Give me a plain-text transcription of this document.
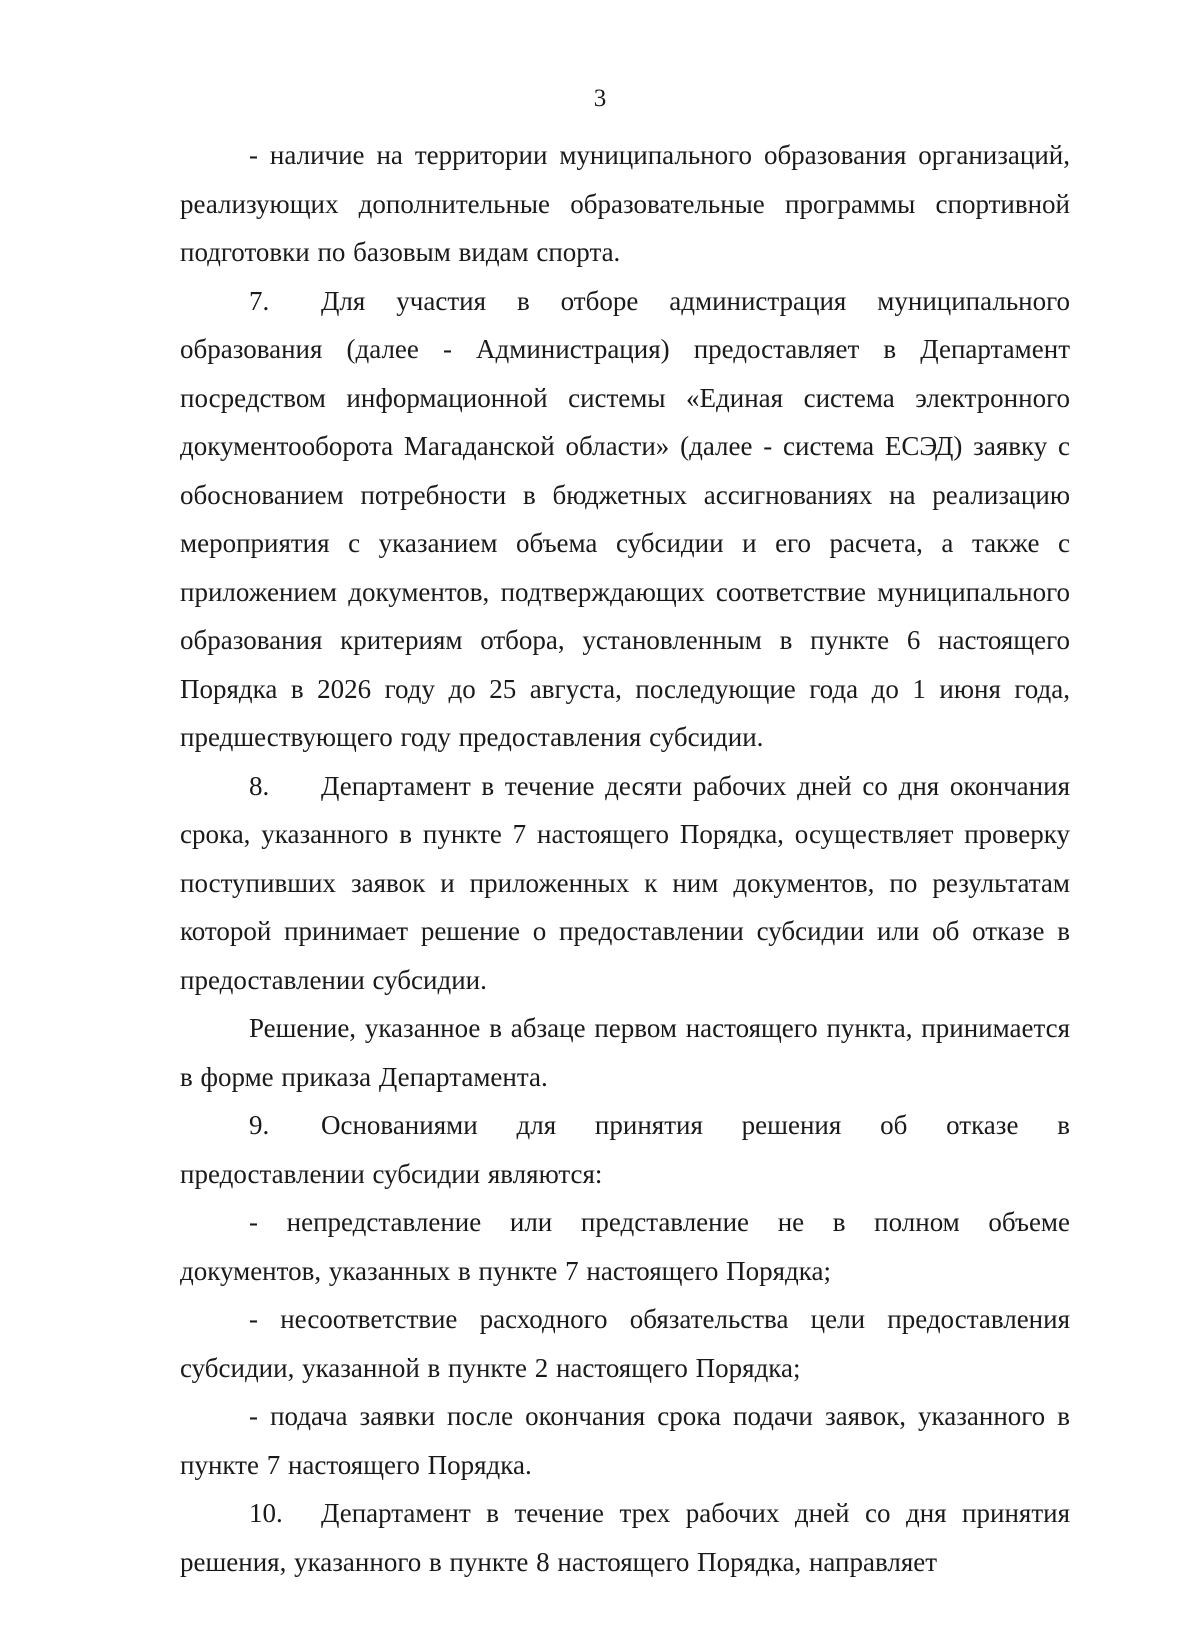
3

- наличие на территории муниципального образования организаций, реализующих дополнительные образовательные программы спортивной подготовки по базовым видам спорта.

7. Для участия в отборе администрация муниципального образования (далее - Администрация) предоставляет в Департамент посредством информационной системы «Единая система электронного документооборота Магаданской области» (далее - система ЕСЭД) заявку с обоснованием потребности в бюджетных ассигнованиях на реализацию мероприятия с указанием объема субсидии и его расчета, а также с приложением документов, подтверждающих соответствие муниципального образования критериям отбора, установленным в пункте 6 настоящего Порядка в 2026 году до 25 августа, последующие года до 1 июня года, предшествующего году предоставления субсидии.

8. Департамент в течение десяти рабочих дней со дня окончания срока, указанного в пункте 7 настоящего Порядка, осуществляет проверку поступивших заявок и приложенных к ним документов, по результатам которой принимает решение о предоставлении субсидии или об отказе в предоставлении субсидии.

Решение, указанное в абзаце первом настоящего пункта, принимается в форме приказа Департамента.

9. Основаниями для принятия решения об отказе в предоставлении субсидии являются:

- непредставление или представление не в полном объеме документов, указанных в пункте 7 настоящего Порядка;

- несоответствие расходного обязательства цели предоставления субсидии, указанной в пункте 2 настоящего Порядка;

- подача заявки после окончания срока подачи заявок, указанного в пункте 7 настоящего Порядка.

10. Департамент в течение трех рабочих дней со дня принятия решения, указанного в пункте 8 настоящего Порядка, направляет
